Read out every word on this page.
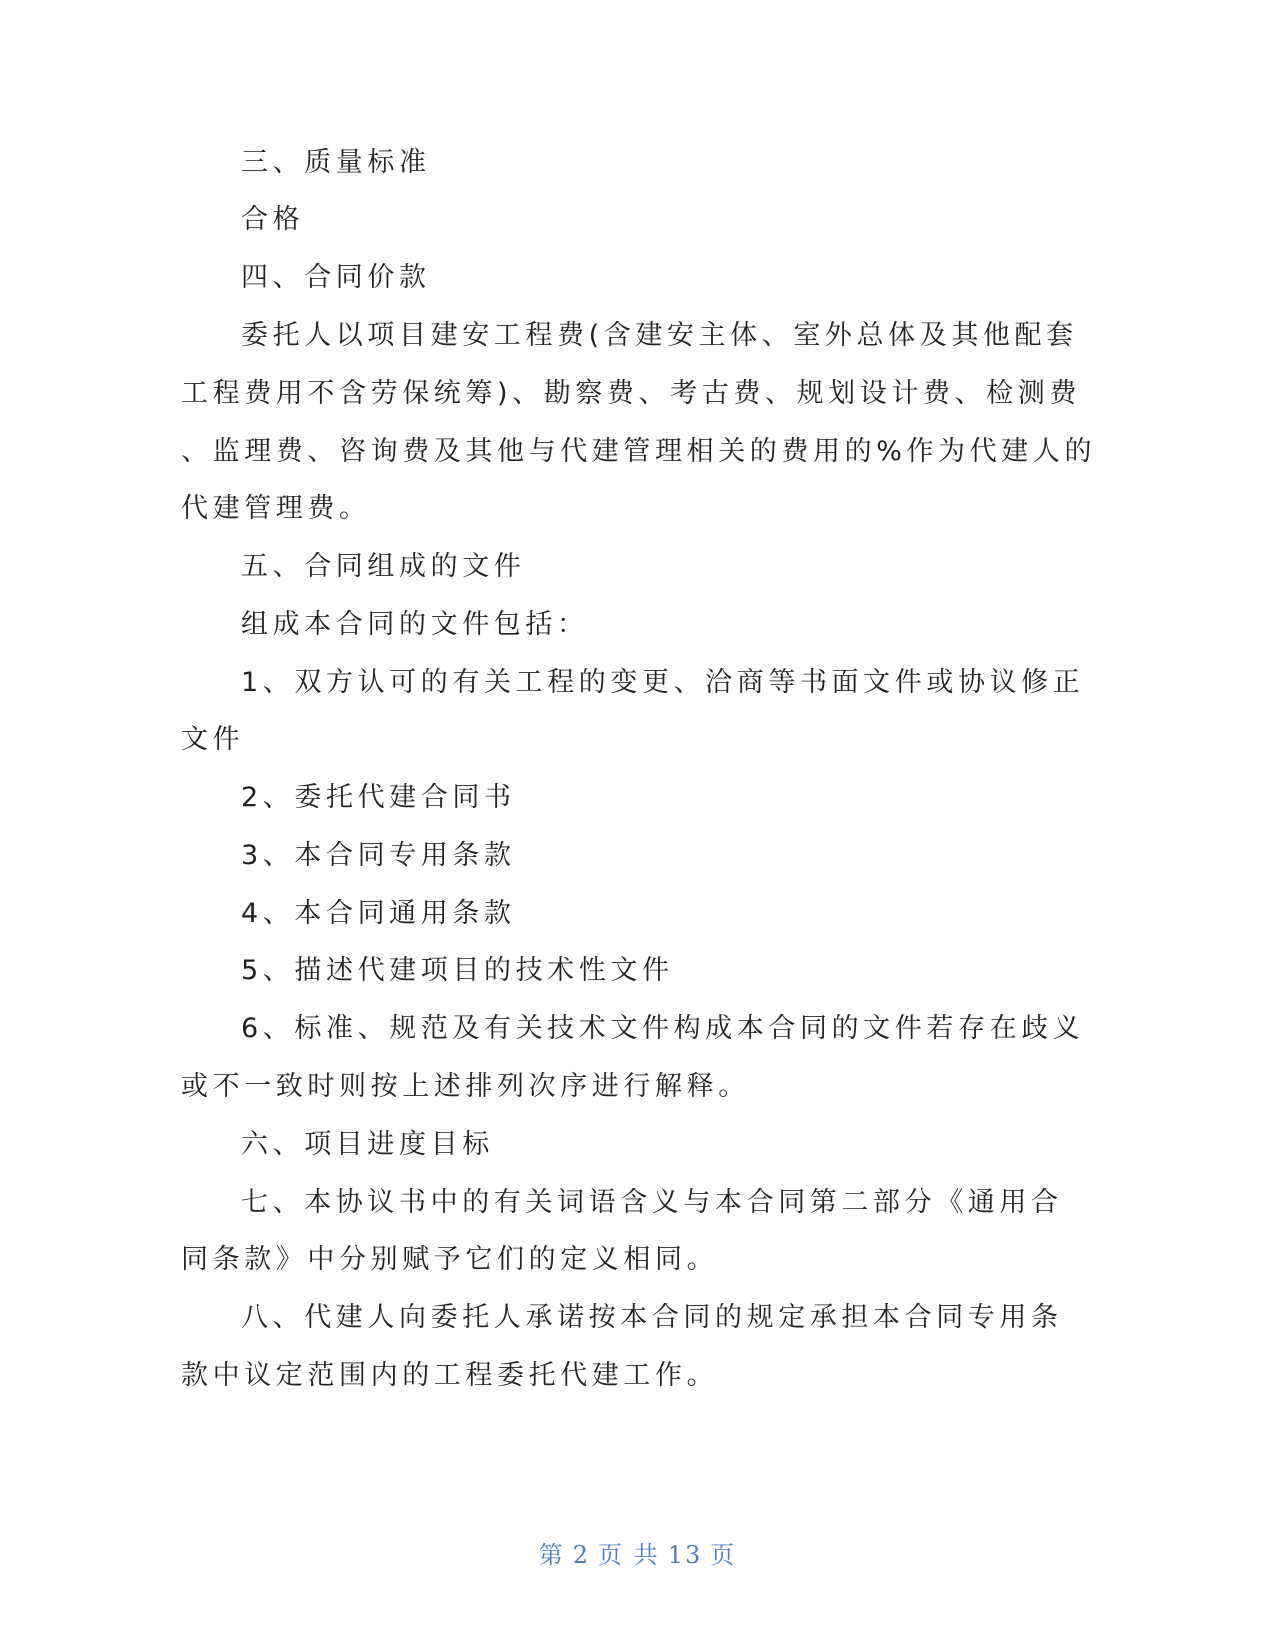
三、质量标准
合格
四、合同价款
委托人以项目建安工程费(含建安主体、室外总体及其他配套
工程费用不含劳保统筹)、勘察费、考古费、规划设计费、检测费
、监理费、咨询费及其他与代建管理相关的费用的%作为代建人的
代建管理费。
五、合同组成的文件
组成本合同的文件包括：
1、双方认可的有关工程的变更、洽商等书面文件或协议修正
文件
2、委托代建合同书
3、本合同专用条款
4、本合同通用条款
5、描述代建项目的技术性文件
6、标准、规范及有关技术文件构成本合同的文件若存在歧义
或不一致时则按上述排列次序进行解释。
六、项目进度目标
七、本协议书中的有关词语含义与本合同第二部分《通用合
同条款》中分别赋予它们的定义相同。
八、代建人向委托人承诺按本合同的规定承担本合同专用条
款中议定范围内的工程委托代建工作。
第 2 页 共 13 页
